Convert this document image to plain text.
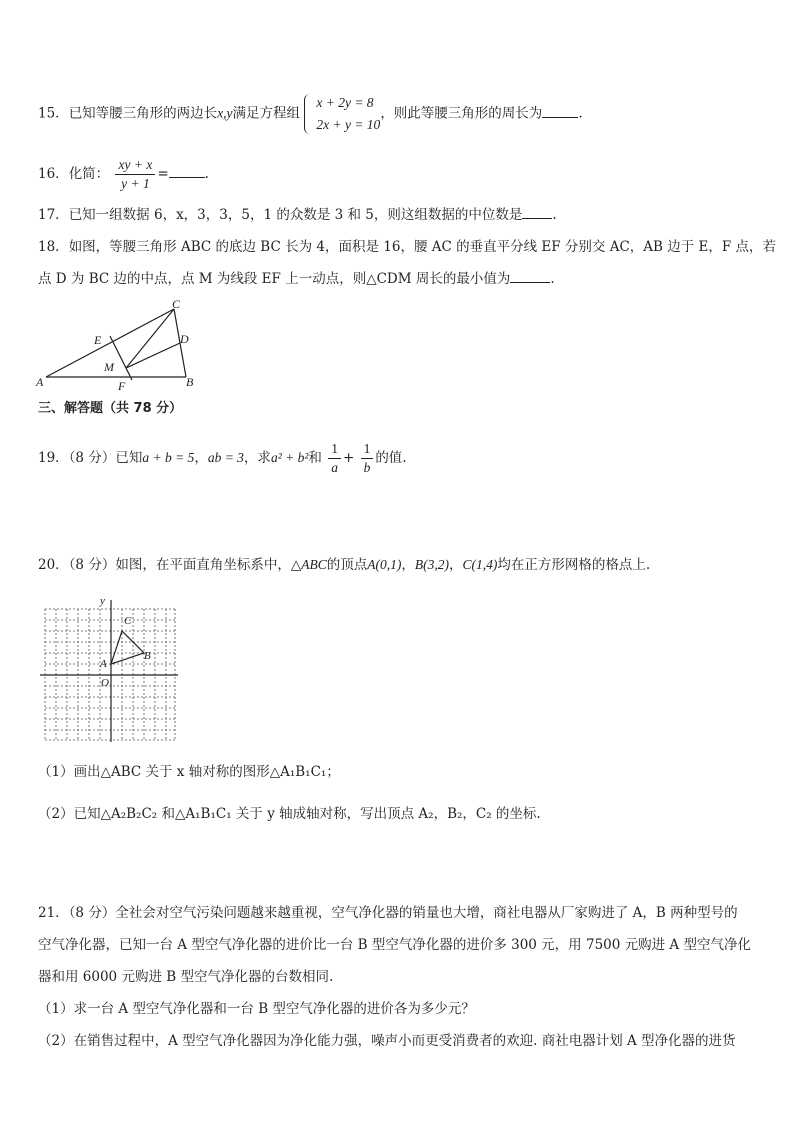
15．已知等腰三角形的两边长x,y满足方程组
x + 2y = 8
2x + y = 10
，则此等腰三角形的周长为	.
16．化简： $\frac{xy + x}{y + 1}$ =	.
17．已知一组数据 6，x，3，3，5，1 的众数是 3 和 5，则这组数据的中位数是 .
18．如图，等腰三角形 ABC 的底边 BC 长为 4，面积是 16，腰 AC 的垂直平分线 EF 分别交 AC，AB 边于 E，F 点，若
点 D 为 BC 边的中点，点 M 为线段 EF 上一动点，则△CDM 周长的最小值为	.
A	B
C
D
E
F
M
三、解答题（共 78 分）
19．（8 分）已知a + b = 5，ab = 3，求a² + b²和 $\frac{1}{a} + \frac{1}{b}$ 的值.
20．（8 分）如图，在平面直角坐标系中，△ABC的顶点A(0,1)，B(3,2)，C(1,4)均在正方形网格的格点上.
y
A
B
C
O
（1）画出△ABC 关于 x 轴对称的图形△A₁B₁C₁；
（2）已知△A₂B₂C₂ 和△A₁B₁C₁ 关于 y 轴成轴对称，写出顶点 A₂，B₂，C₂ 的坐标.
21．（8 分）全社会对空气污染问题越来越重视，空气净化器的销量也大增，商社电器从厂家购进了 A，B 两种型号的
空气净化器，已知一台 A 型空气净化器的进价比一台 B 型空气净化器的进价多 300 元，用 7500 元购进 A 型空气净化
器和用 6000 元购进 B 型空气净化器的台数相同.
（1）求一台 A 型空气净化器和一台 B 型空气净化器的进价各为多少元？
（2）在销售过程中，A 型空气净化器因为净化能力强，噪声小而更受消费者的欢迎. 商社电器计划 A 型净化器的进货
